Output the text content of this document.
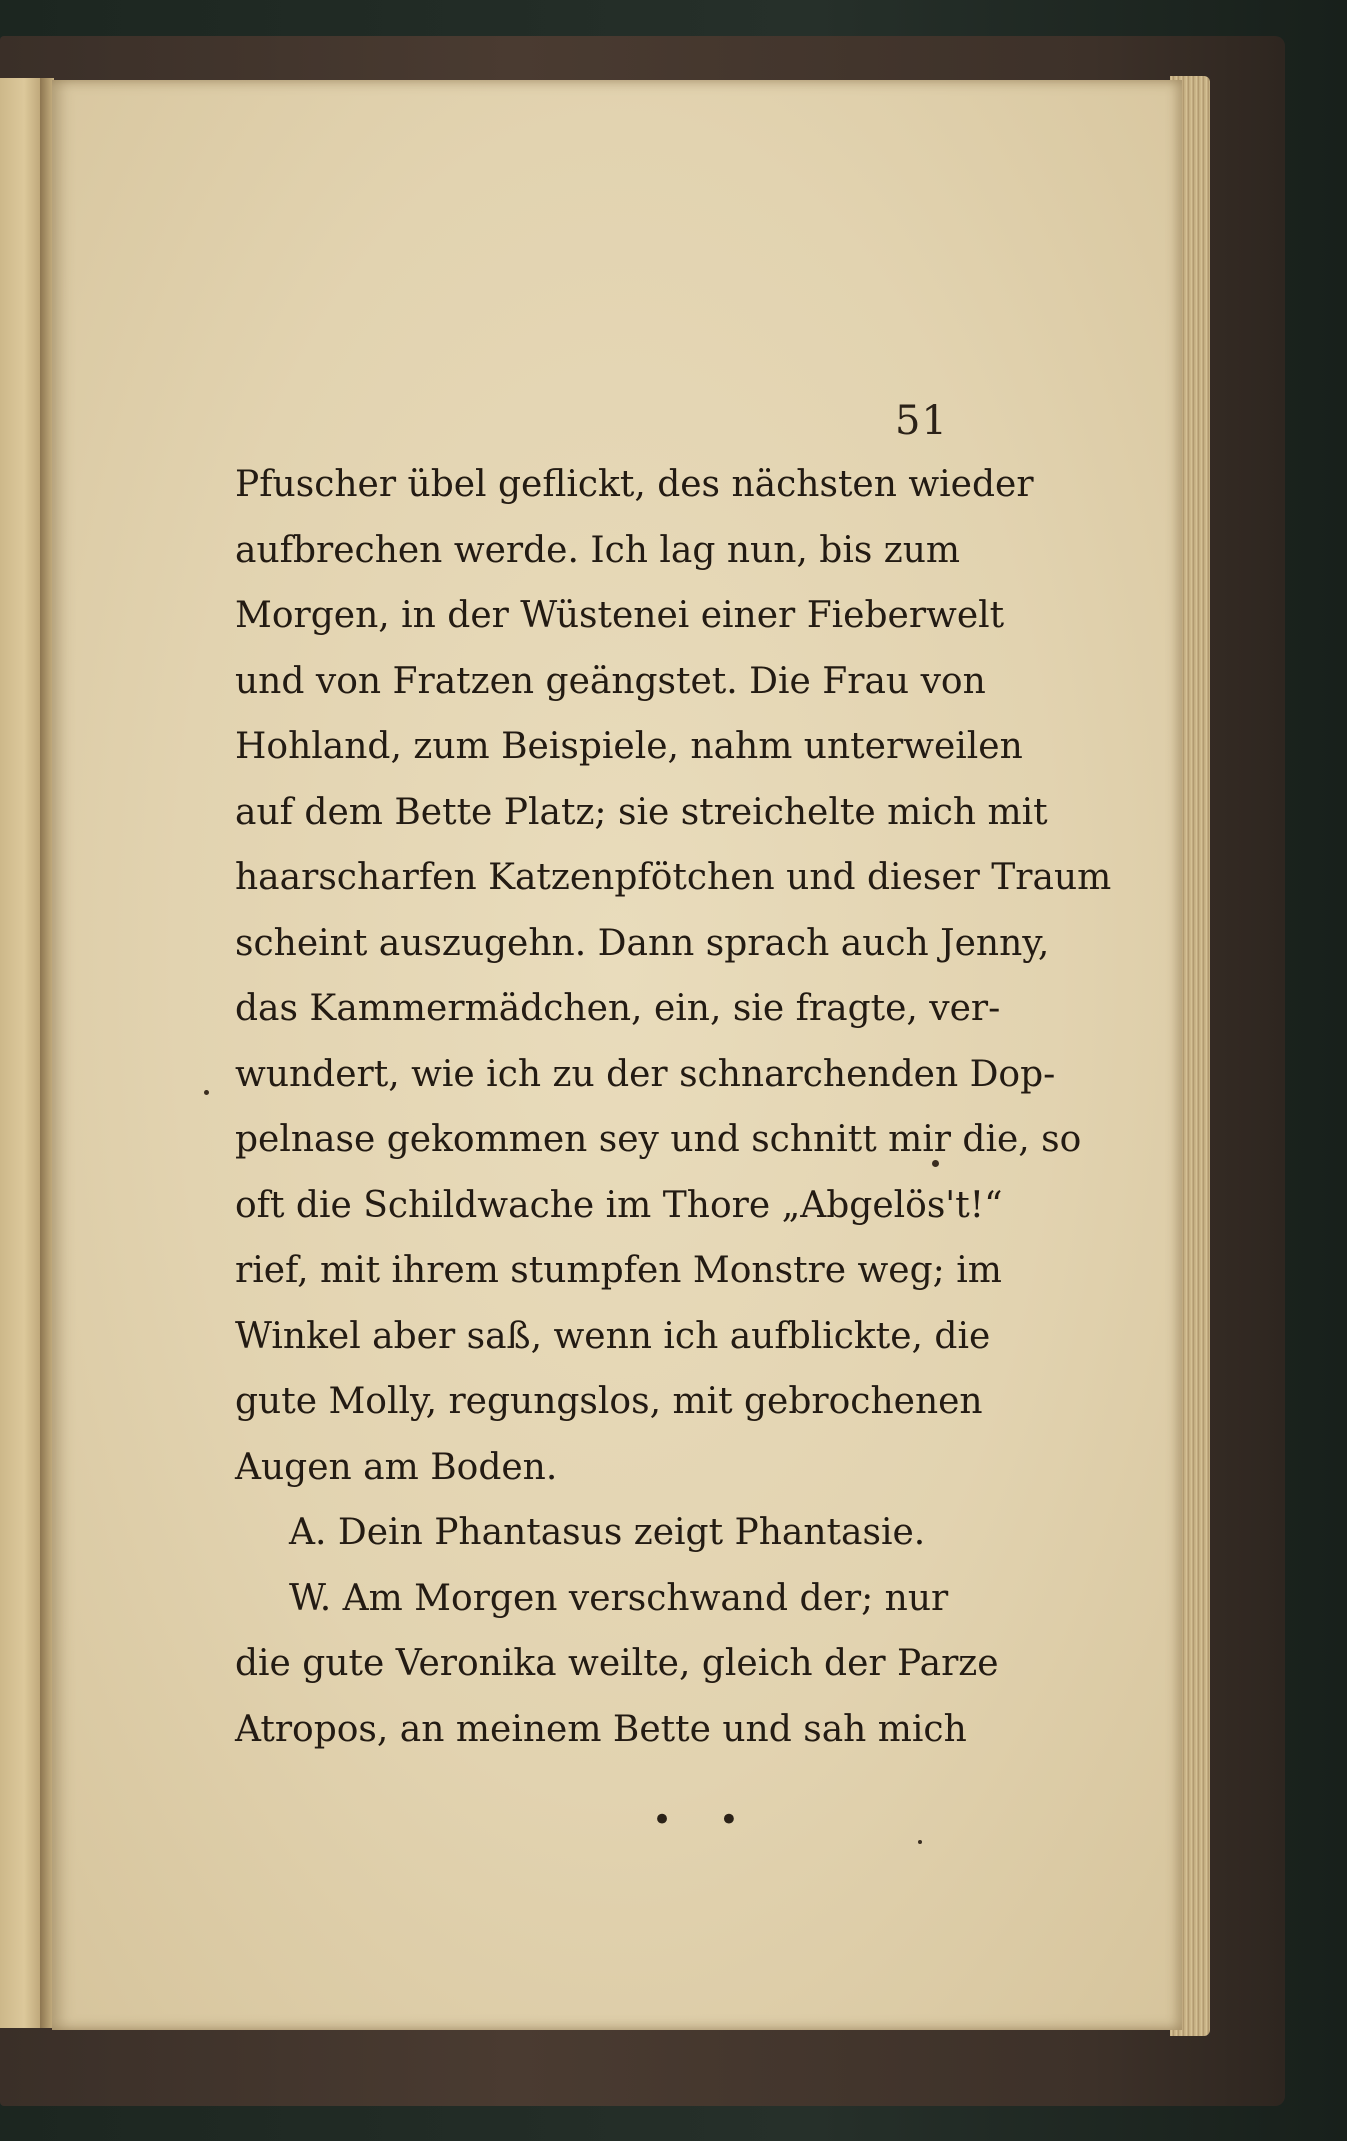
51
Pfuscher übel geflickt, des nächsten wieder
aufbrechen werde. Ich lag nun, bis zum
Morgen, in der Wüstenei einer Fieberwelt
und von Fratzen geängstet. Die Frau von
Hohland, zum Beispiele, nahm unterweilen
auf dem Bette Platz; sie streichelte mich mit
haarscharfen Katzenpfötchen und dieser Traum
scheint auszugehn. Dann sprach auch Jenny,
das Kammermädchen, ein, sie fragte, ver-
wundert, wie ich zu der schnarchenden Dop-
pelnase gekommen sey und schnitt mir die, so
oft die Schildwache im Thore „Abgelös't!“
rief, mit ihrem stumpfen Monstre weg; im
Winkel aber saß, wenn ich aufblickte, die
gute Molly, regungslos, mit gebrochenen
Augen am Boden.
A. Dein Phantasus zeigt Phantasie.
W. Am Morgen verschwand der; nur
die gute Veronika weilte, gleich der Parze
Atropos, an meinem Bette und sah mich
• •
